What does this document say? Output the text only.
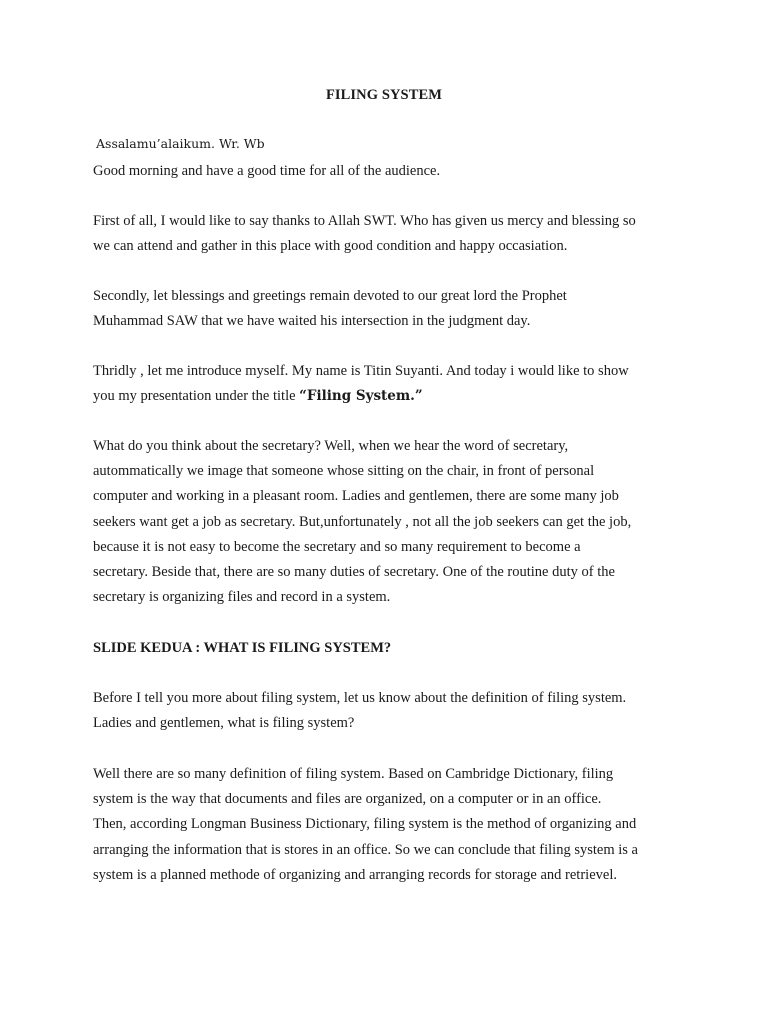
FILING SYSTEM
Assalamu’alaikum. Wr. Wb
Good morning and have a good time for all of the audience.
First of all, I would like to say thanks to Allah SWT. Who has given us mercy and blessing so
we can attend and gather in this place with good condition and happy occasiation.
Secondly, let blessings and greetings remain devoted to our great lord the Prophet
Muhammad SAW that we have waited his intersection in the judgment day.
Thridly , let me introduce myself. My name is Titin Suyanti. And today i would like to show
you my presentation under the title “Filing System.”
What do you think about the secretary? Well, when we hear the word of secretary,
autommatically we image that someone whose sitting on the chair, in front of personal
computer and working in a pleasant room. Ladies and gentlemen, there are some many job
seekers want get a job as secretary. But,unfortunately , not all the job seekers can get the job,
because it is not easy to become the secretary and so many requirement to become a
secretary. Beside that, there are so many duties of secretary. One of the routine duty of the
secretary is organizing files and record in a system.
SLIDE KEDUA : WHAT IS FILING SYSTEM?
Before I tell you more about filing system, let us know about the definition of filing system.
Ladies and gentlemen, what is filing system?
Well there are so many definition of filing system. Based on Cambridge Dictionary, filing
system is the way that documents and files are organized, on a computer or in an office.
Then, according Longman Business Dictionary, filing system is the method of organizing and
arranging the information that is stores in an office. So we can conclude that filing system is a
system is a planned methode of organizing and arranging records for storage and retrievel.
